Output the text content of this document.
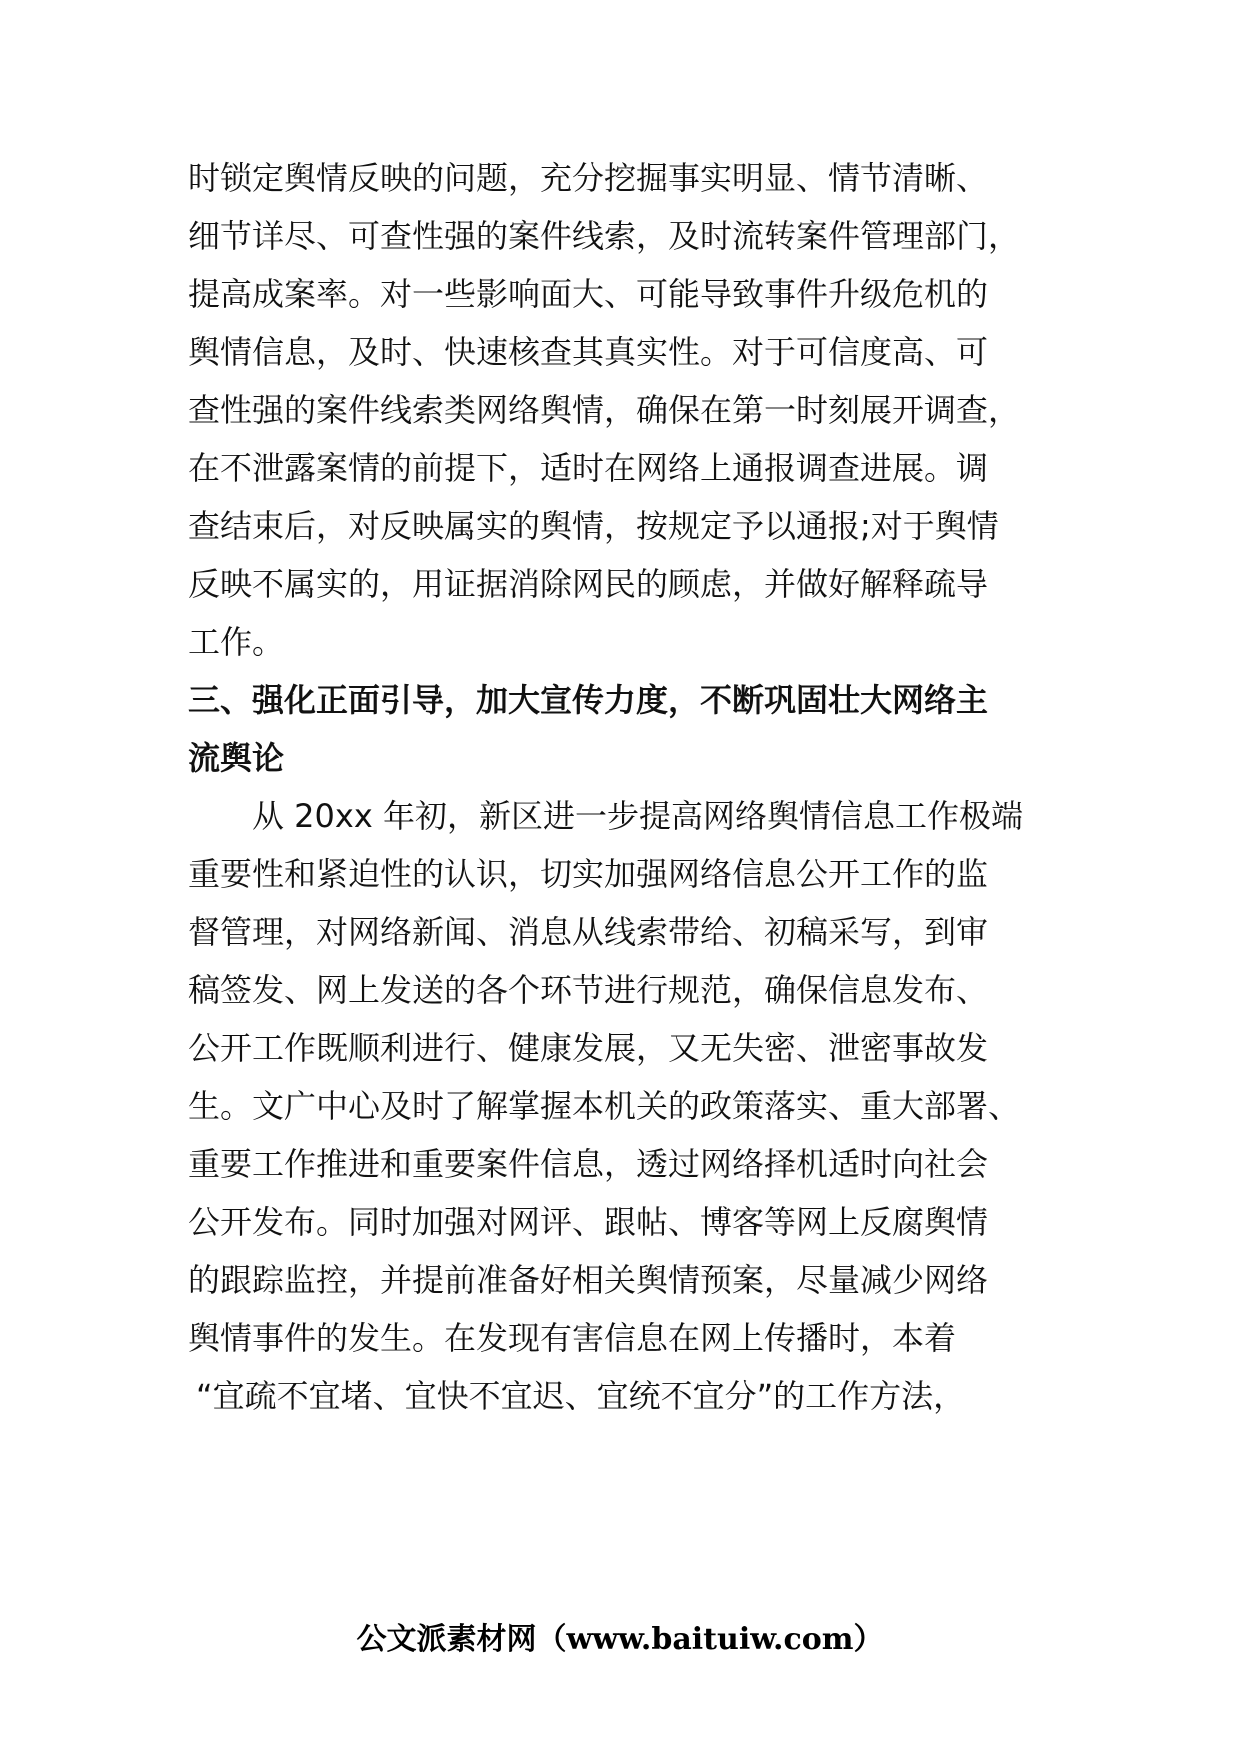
时锁定舆情反映的问题，充分挖掘事实明显、情节清晰、
细节详尽、可查性强的案件线索，及时流转案件管理部门，
提高成案率。对一些影响面大、可能导致事件升级危机的
舆情信息，及时、快速核查其真实性。对于可信度高、可
查性强的案件线索类网络舆情，确保在第一时刻展开调查，
在不泄露案情的前提下，适时在网络上通报调查进展。调
查结束后，对反映属实的舆情，按规定予以通报;对于舆情
反映不属实的，用证据消除网民的顾虑，并做好解释疏导
工作。
三、强化正面引导，加大宣传力度，不断巩固壮大网络主
流舆论
从 20xx 年初，新区进一步提高网络舆情信息工作极端
重要性和紧迫性的认识，切实加强网络信息公开工作的监
督管理，对网络新闻、消息从线索带给、初稿采写，到审
稿签发、网上发送的各个环节进行规范，确保信息发布、
公开工作既顺利进行、健康发展，又无失密、泄密事故发
生。文广中心及时了解掌握本机关的政策落实、重大部署、
重要工作推进和重要案件信息，透过网络择机适时向社会
公开发布。同时加强对网评、跟帖、博客等网上反腐舆情
的跟踪监控，并提前准备好相关舆情预案，尽量减少网络
舆情事件的发生。在发现有害信息在网上传播时，本着
“宜疏不宜堵、宜快不宜迟、宜统不宜分”的工作方法，
公文派素材网（www.baituiw.com）
